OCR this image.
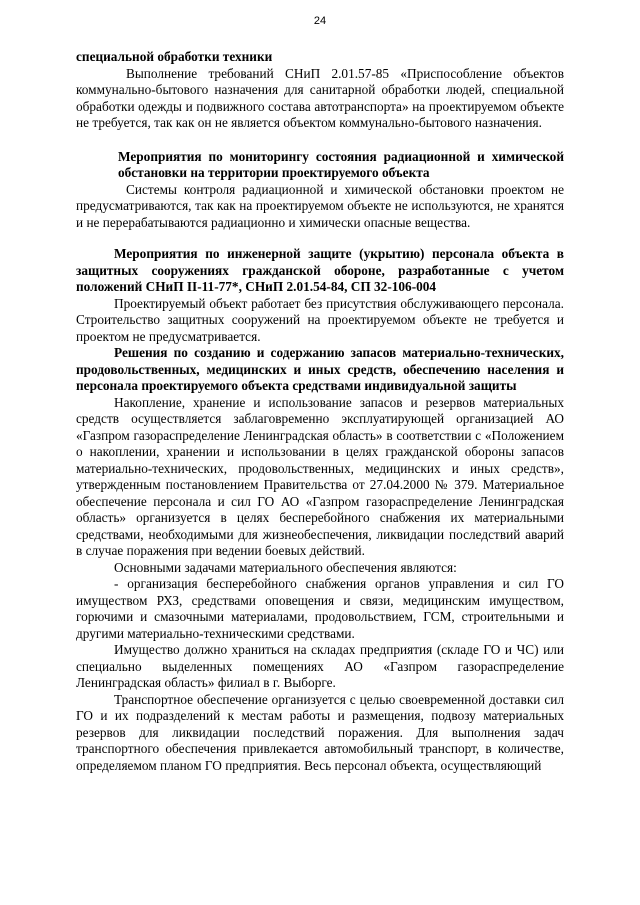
24

специальной обработки техники

Выполнение требований СНиП 2.01.57-85 «Приспособление объектов коммунально-бытового назначения для санитарной обработки людей, специальной обработки одежды и подвижного состава автотранспорта» на проектируемом объекте не требуется, так как он не является объектом коммунально-бытового назначения.

Мероприятия по мониторингу состояния радиационной и химической обстановки на территории проектируемого объекта

Системы контроля радиационной и химической обстановки проектом не предусматриваются, так как на проектируемом объекте не используются, не хранятся и не перерабатываются радиационно и химически опасные вещества.

Мероприятия по инженерной защите (укрытию) персонала объекта в защитных сооружениях гражданской обороне, разработанные с учетом положений СНиП II-11-77*, СНиП 2.01.54-84, СП 32-106-004

Проектируемый объект работает без присутствия обслуживающего персонала. Строительство защитных сооружений на проектируемом объекте не требуется и проектом не предусматривается.

Решения по созданию и содержанию запасов материально-технических, продовольственных, медицинских и иных средств, обеспечению населения и персонала проектируемого объекта средствами индивидуальной защиты

Накопление, хранение и использование запасов и резервов материальных средств осуществляется заблаговременно эксплуатирующей организацией АО «Газпром газораспределение Ленинградская область» в соответствии с «Положением о накоплении, хранении и использовании в целях гражданской обороны запасов материально-технических, продовольственных, медицинских и иных средств», утвержденным постановлением Правительства от 27.04.2000 № 379. Материальное обеспечение персонала и сил ГО АО «Газпром газораспределение Ленинградская область» организуется в целях бесперебойного снабжения их материальными средствами, необходимыми для жизнеобеспечения, ликвидации последствий аварий в случае поражения при ведении боевых действий.

Основными задачами материального обеспечения являются:

- организация бесперебойного снабжения органов управления и сил ГО имуществом РХЗ, средствами оповещения и связи, медицинским имуществом, горючими и смазочными материалами, продовольствием, ГСМ, строительными и другими материально-техническими средствами.

Имущество должно храниться на складах предприятия (складе ГО и ЧС) или специально выделенных помещениях АО «Газпром газораспределение Ленинградская область» филиал в г. Выборге.

Транспортное обеспечение организуется с целью своевременной доставки сил ГО и их подразделений к местам работы и размещения, подвозу материальных резервов для ликвидации последствий поражения. Для выполнения задач транспортного обеспечения привлекается автомобильный транспорт, в количестве, определяемом планом ГО предприятия. Весь персонал объекта, осуществляющий
